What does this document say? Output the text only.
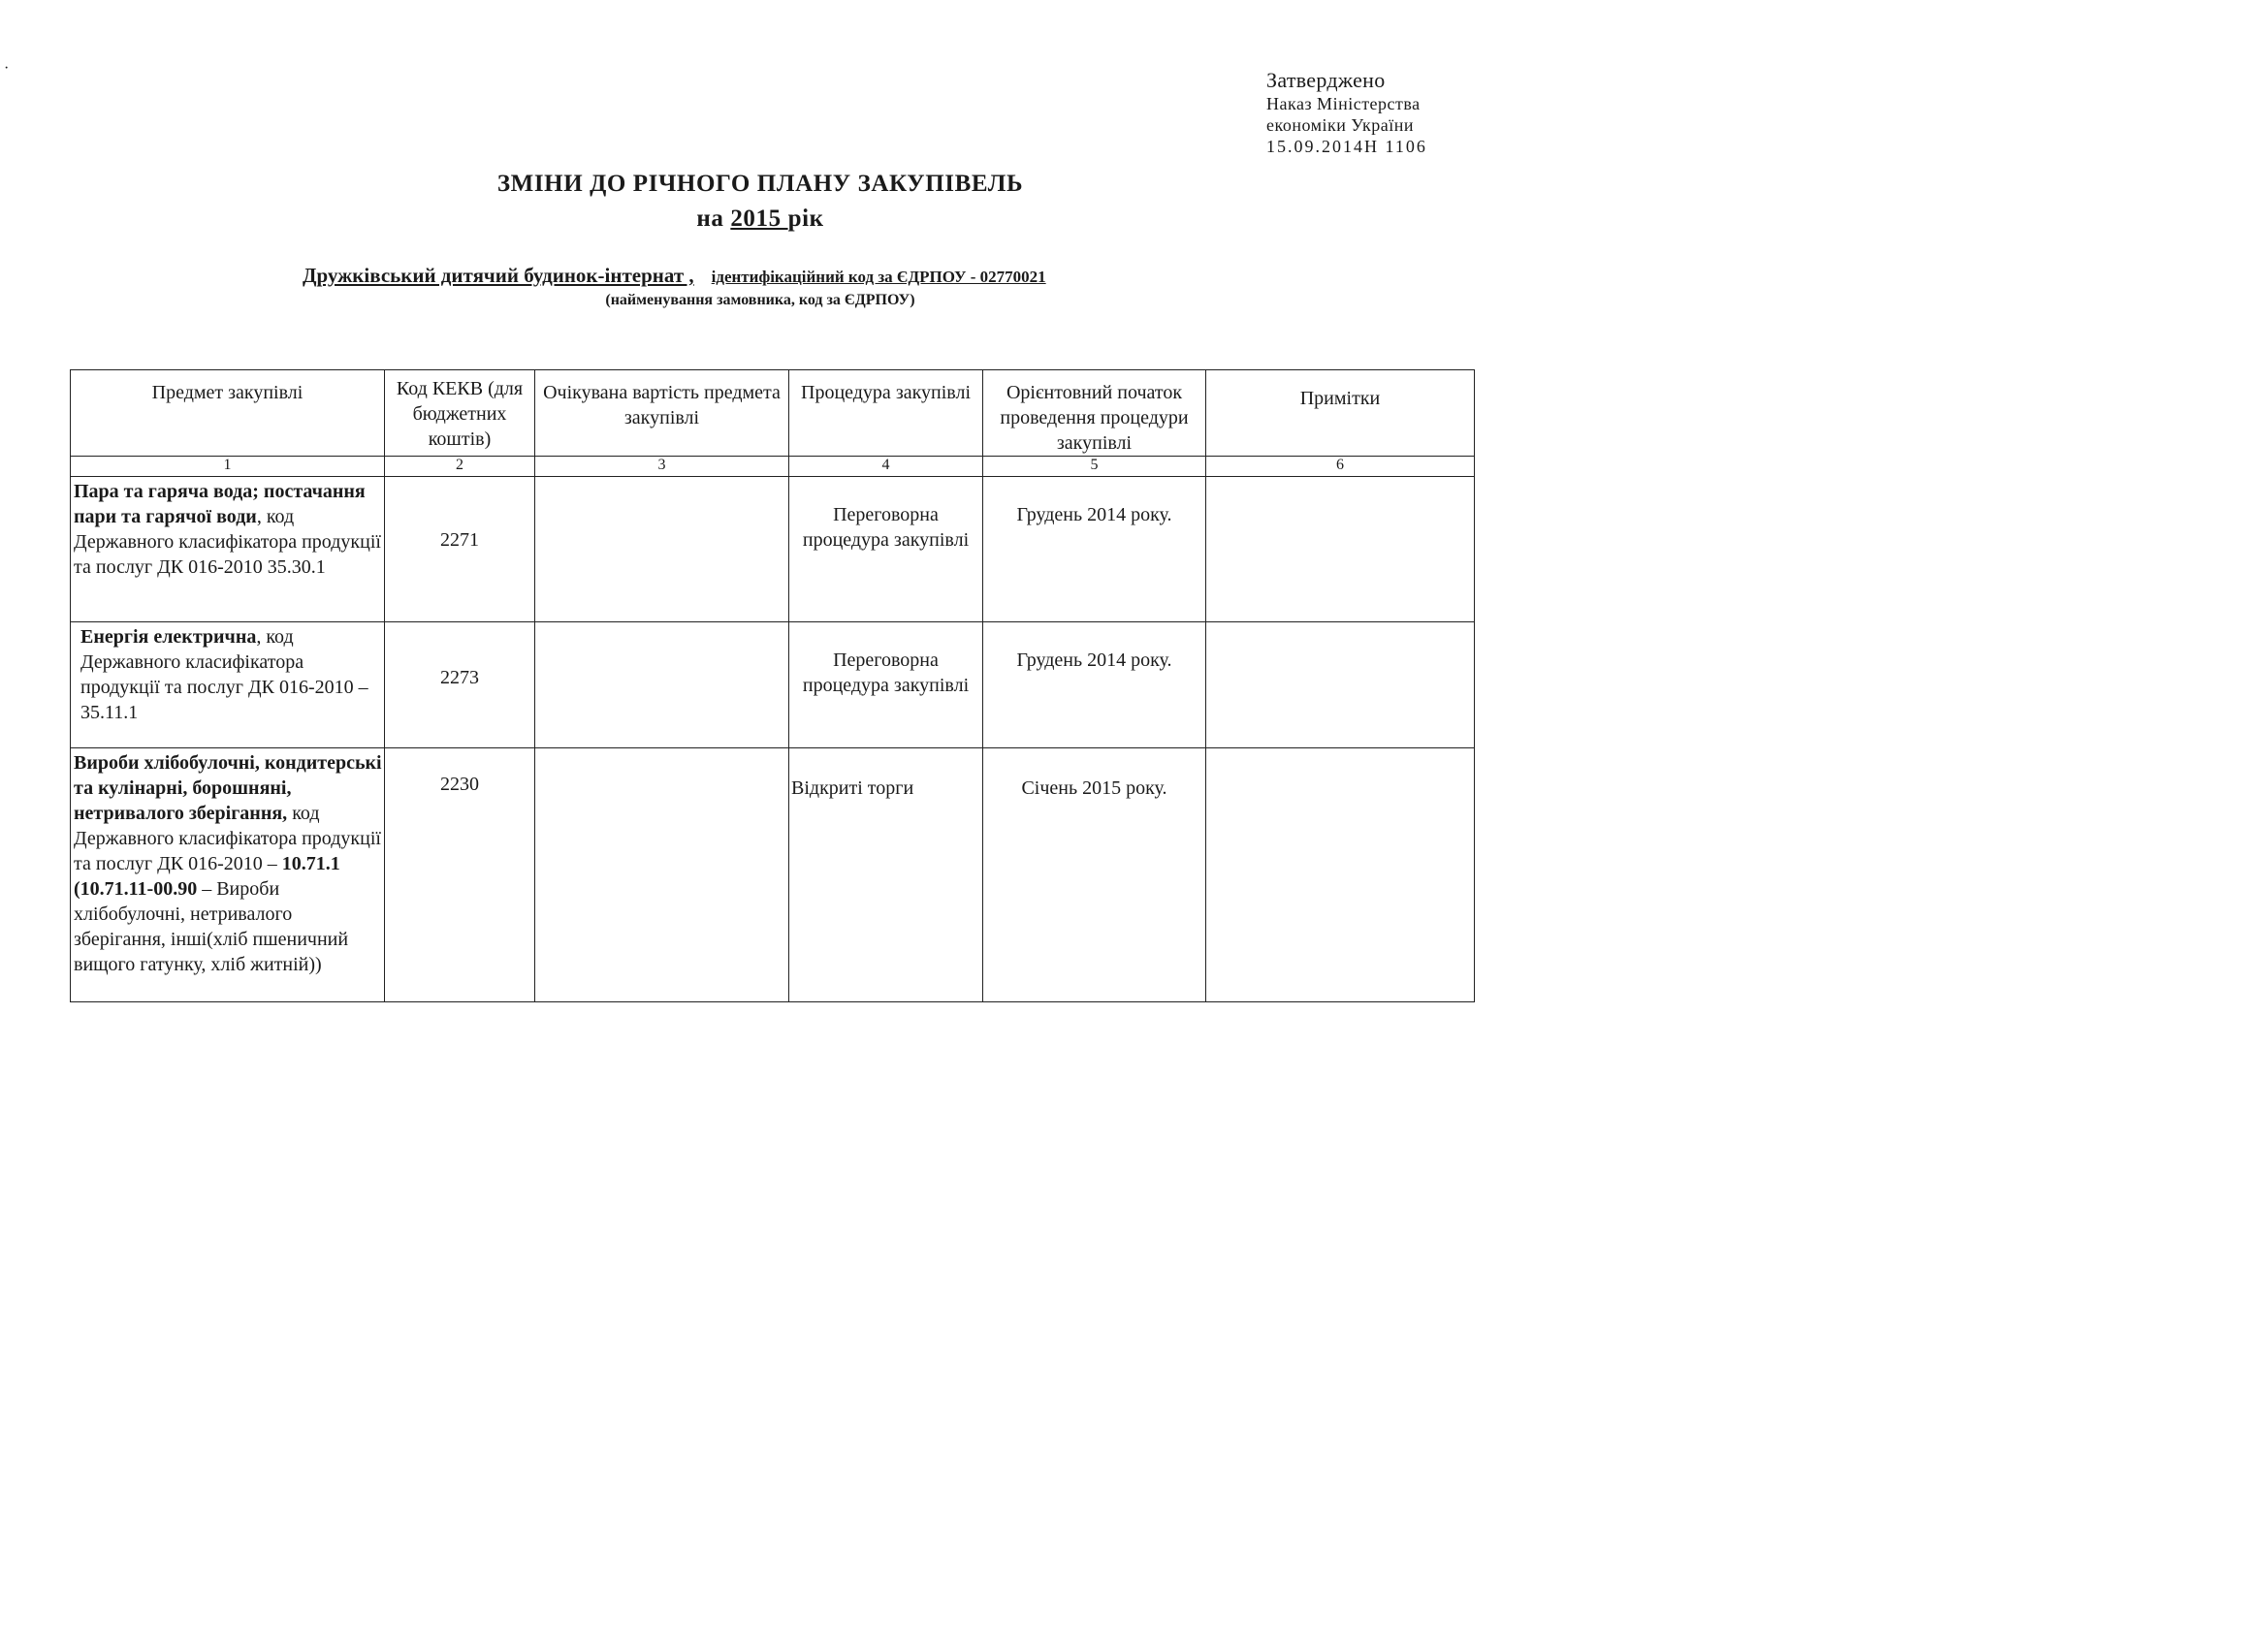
·	Затверджено
Наказ Міністерства
економіки України
15.09.2014Н 1106
ЗМІНИ ДО РІЧНОГО ПЛАНУ ЗАКУПІВЕЛЬ
на 2015 рік
Дружківський дитячий будинок-інтернат , ідентифікаційний код за ЄДРПОУ - 02770021
(найменування замовника, код за ЄДРПОУ)
Предмет закупівлі	Код КЕКВ (для бюджетних коштів)	Очікувана вартість предмета закупівлі	Процедура закупівлі	Орієнтовний початок проведення процедури закупівлі	Примітки
1	2	3	4	5	6
Пара та гаряча вода; постачання пари та гарячої води, код Державного класифікатора продукції та послуг ДК 016-2010 35.30.1	2271		Переговорна процедура закупівлі	Грудень 2014 року.	
Енергія електрична, код Державного класифікатора продукції та послуг ДК 016-2010 – 35.11.1	2273		Переговорна процедура закупівлі	Грудень 2014 року.	
Вироби хлібобулочні, кондитерські та кулінарні, борошняні, нетривалого зберігання, код Державного класифікатора продукції та послуг ДК 016-2010 – 10.71.1 (10.71.11-00.90 – Вироби хлібобулочні, нетривалого зберігання, інші(хліб пшеничний вищого гатунку, хліб житній))	2230		Відкриті торги	Січень 2015 року.	
